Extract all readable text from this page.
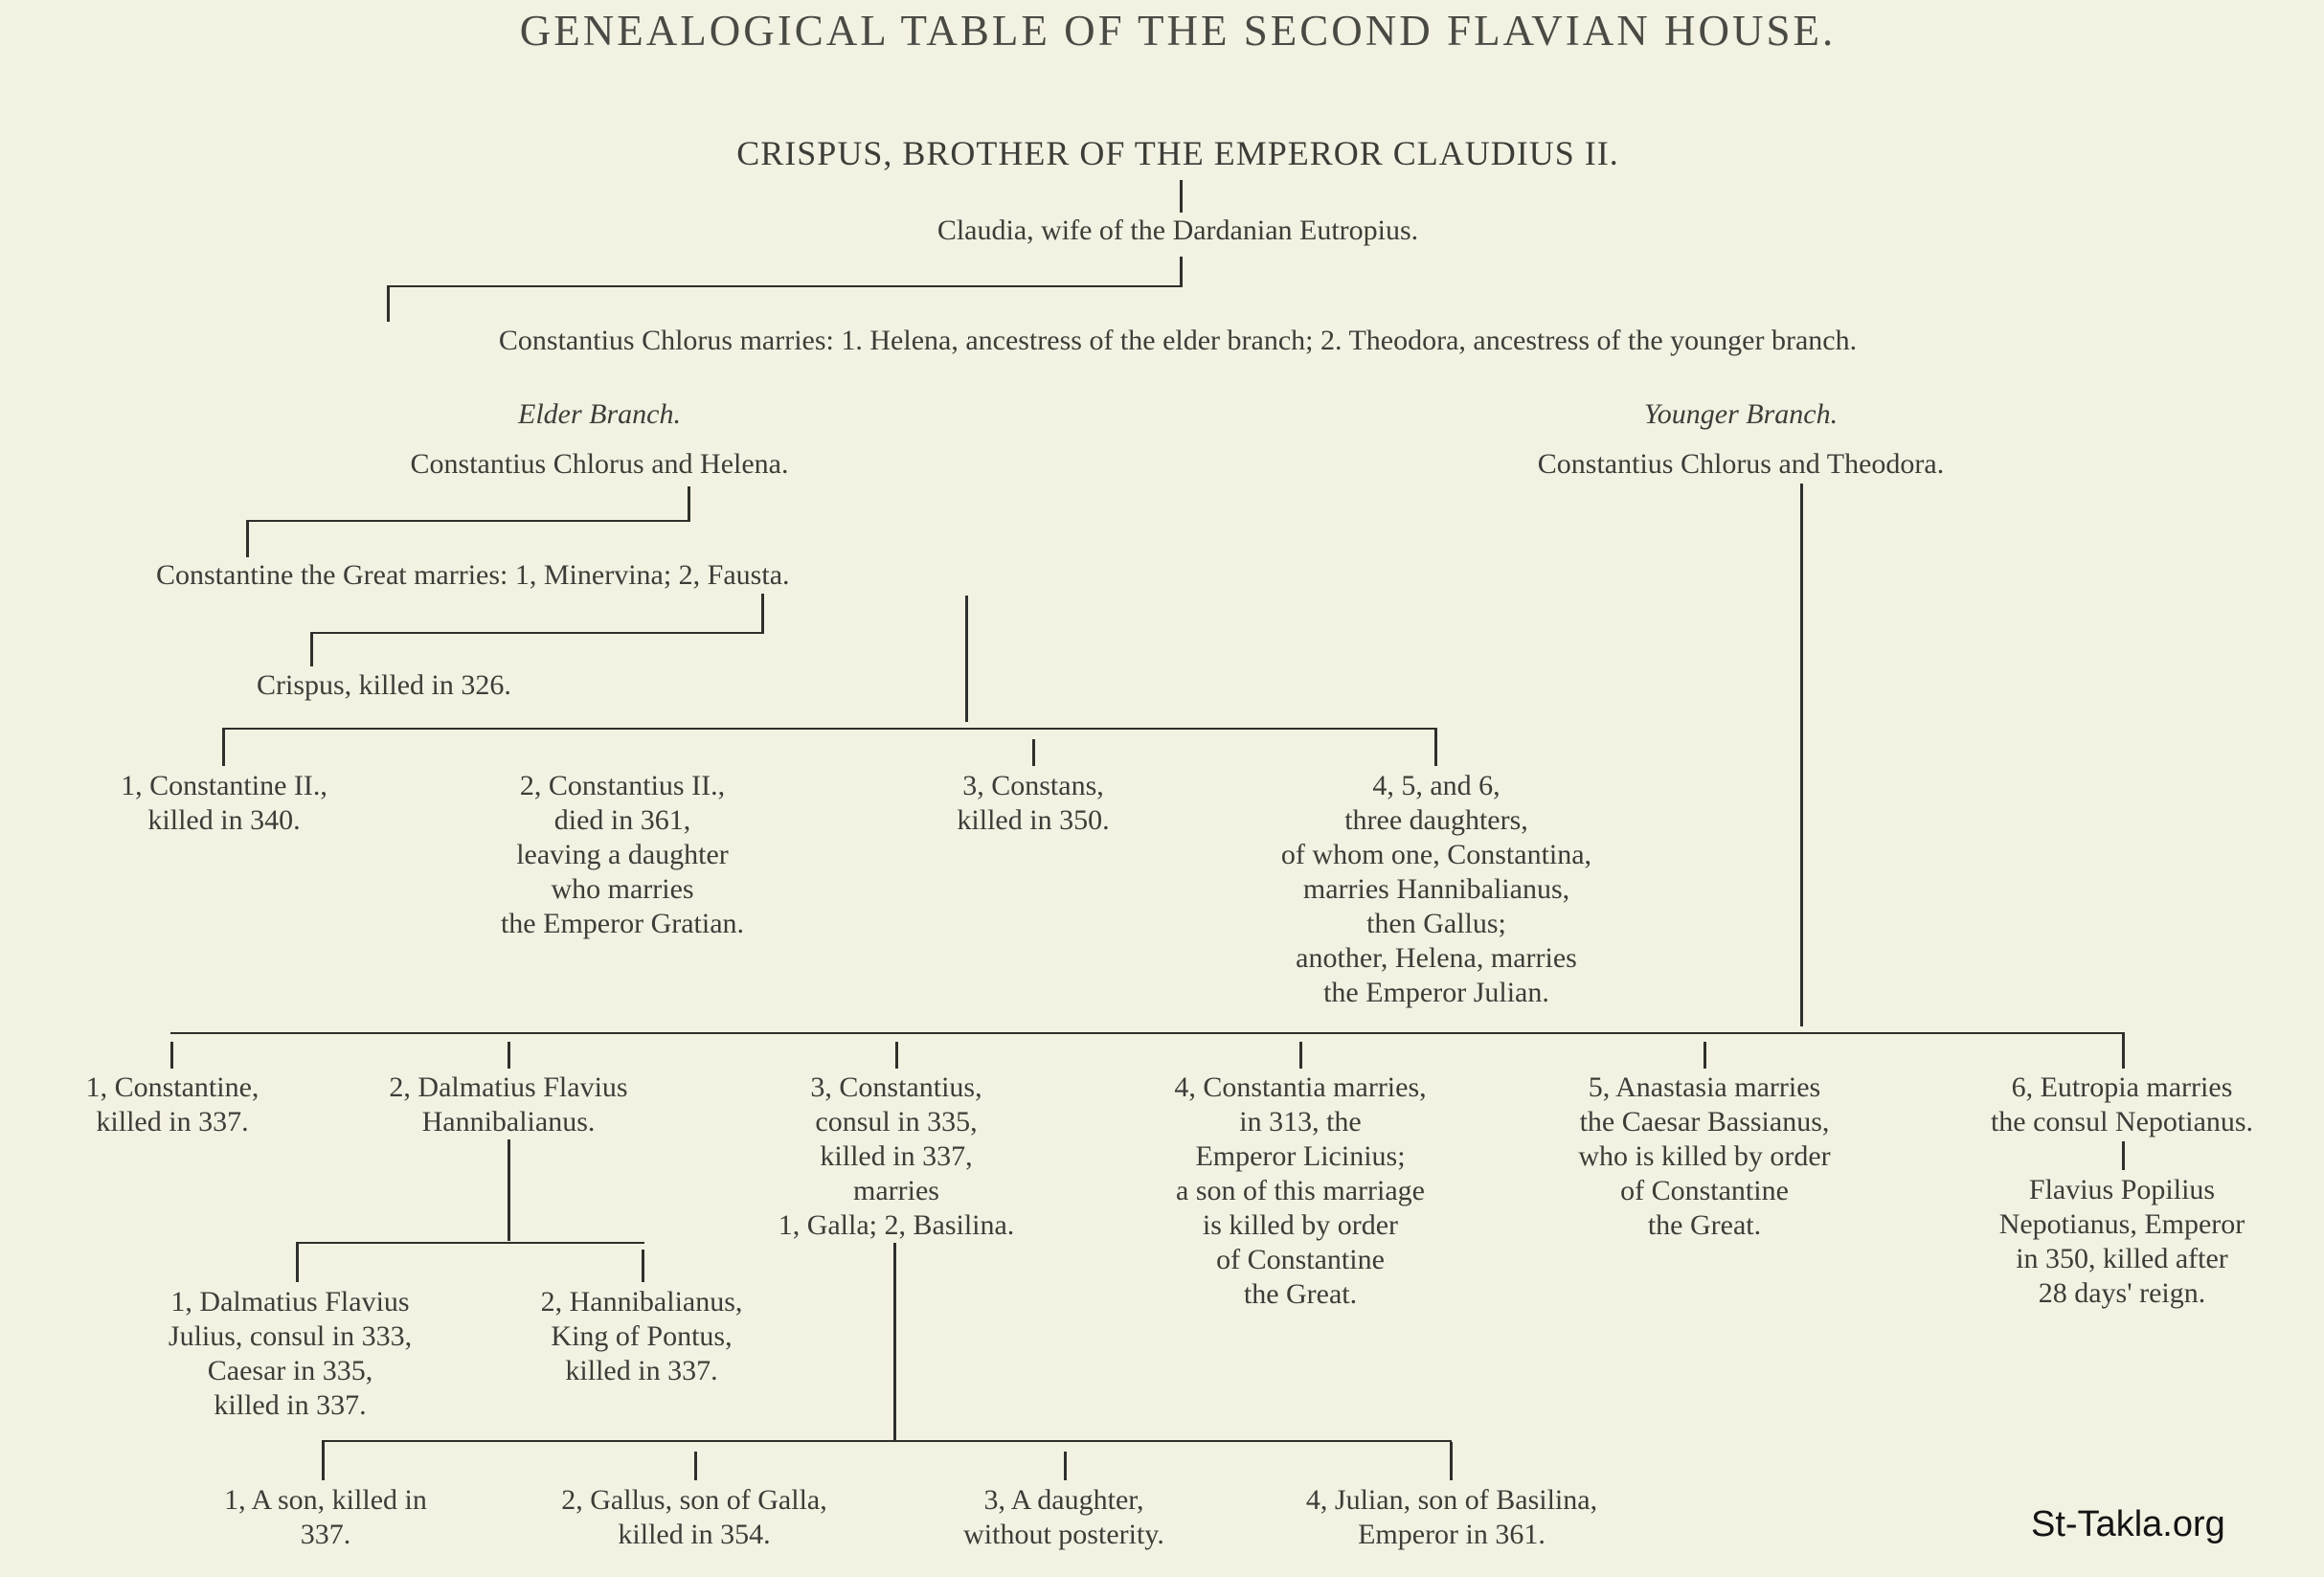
GENEALOGICAL TABLE OF THE SECOND FLAVIAN HOUSE.
CRISPUS, BROTHER OF THE EMPEROR CLAUDIUS II.
Claudia, wife of the Dardanian Eutropius.
Constantius Chlorus marries: 1. Helena, ancestress of the elder branch; 2. Theodora, ancestress of the younger branch.
Elder Branch.
Constantius Chlorus and Helena.
Younger Branch.
Constantius Chlorus and Theodora.
Constantine the Great marries: 1, Minervina; 2, Fausta.
Crispus, killed in 326.
1, Constantine II.,
killed in 340.
2, Constantius II.,
died in 361,
leaving a daughter
who marries
the Emperor Gratian.
3, Constans,
killed in 350.
4, 5, and 6,
three daughters,
of whom one, Constantina,
marries Hannibalianus,
then Gallus;
another, Helena, marries
the Emperor Julian.
1, Constantine,
killed in 337.
2, Dalmatius Flavius
Hannibalianus.
3, Constantius,
consul in 335,
killed in 337,
marries
1, Galla; 2, Basilina.
4, Constantia marries,
in 313, the
Emperor Licinius;
a son of this marriage
is killed by order
of Constantine
the Great.
5, Anastasia marries
the Caesar Bassianus,
who is killed by order
of Constantine
the Great.
6, Eutropia marries
the consul Nepotianus.
Flavius Popilius
Nepotianus, Emperor
in 350, killed after
28 days' reign.
1, Dalmatius Flavius
Julius, consul in 333,
Caesar in 335,
killed in 337.
2, Hannibalianus,
King of Pontus,
killed in 337.
1, A son, killed in
337.
2, Gallus, son of Galla,
killed in 354.
3, A daughter,
without posterity.
4, Julian, son of Basilina,
Emperor in 361.	St-Takla.org
